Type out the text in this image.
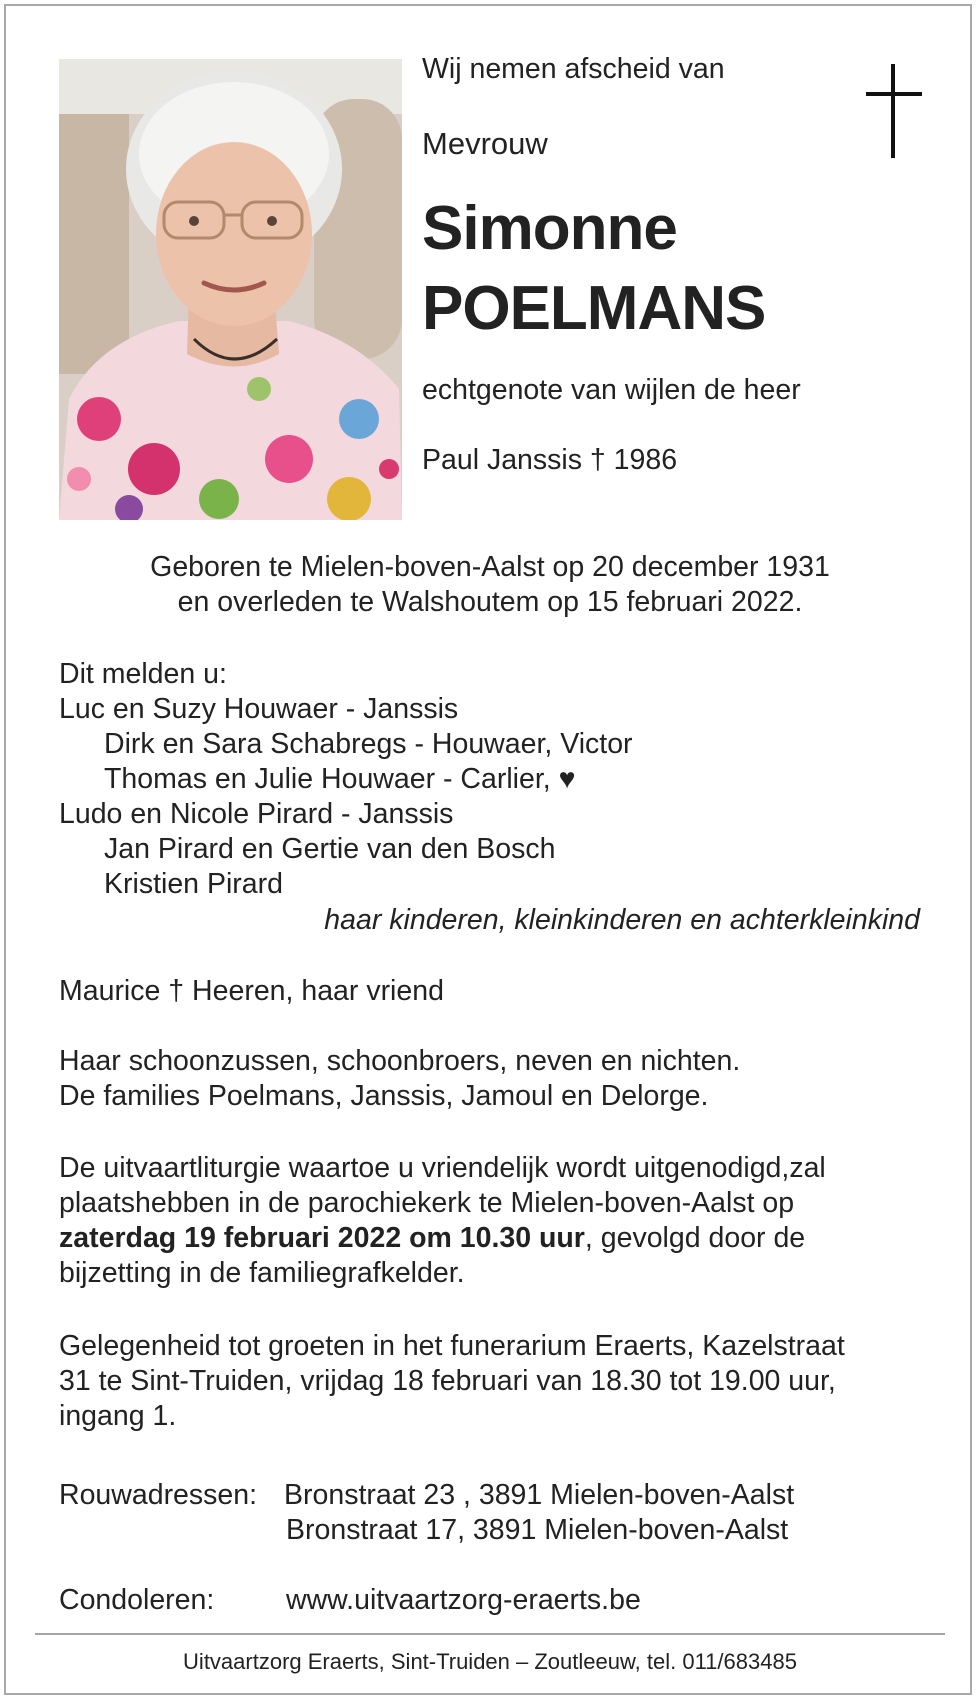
Wij nemen afscheid van
Mevrouw
Simonne
POELMANS
echtgenote van wijlen de heer
Paul Janssis † 1986
Geboren te Mielen-boven-Aalst op 20 december 1931
en overleden te Walshoutem op 15 februari 2022.
Dit melden u:
Luc en Suzy Houwaer - Janssis
Dirk en Sara Schabregs - Houwaer, Victor
Thomas en Julie Houwaer - Carlier, ♥
Ludo en Nicole Pirard - Janssis
Jan Pirard en Gertie van den Bosch
Kristien Pirard
haar kinderen, kleinkinderen en achterkleinkind
Maurice † Heeren, haar vriend
Haar schoonzussen, schoonbroers, neven en nichten.
De families Poelmans, Janssis, Jamoul en Delorge.
De uitvaartliturgie waartoe u vriendelijk wordt uitgenodigd,zal
plaatshebben in de parochiekerk te Mielen-boven-Aalst op
zaterdag 19 februari 2022 om 10.30 uur, gevolgd door de
bijzetting in de familiegrafkelder.
Gelegenheid tot groeten in het funerarium Eraerts, Kazelstraat
31 te Sint-Truiden, vrijdag 18 februari van 18.30 tot 19.00 uur,
ingang 1.
Rouwadressen: Bronstraat 23 , 3891 Mielen-boven-Aalst
Bronstraat 17, 3891 Mielen-boven-Aalst
Condoleren:	www.uitvaartzorg-eraerts.be
Uitvaartzorg Eraerts, Sint-Truiden – Zoutleeuw, tel. 011/683485
